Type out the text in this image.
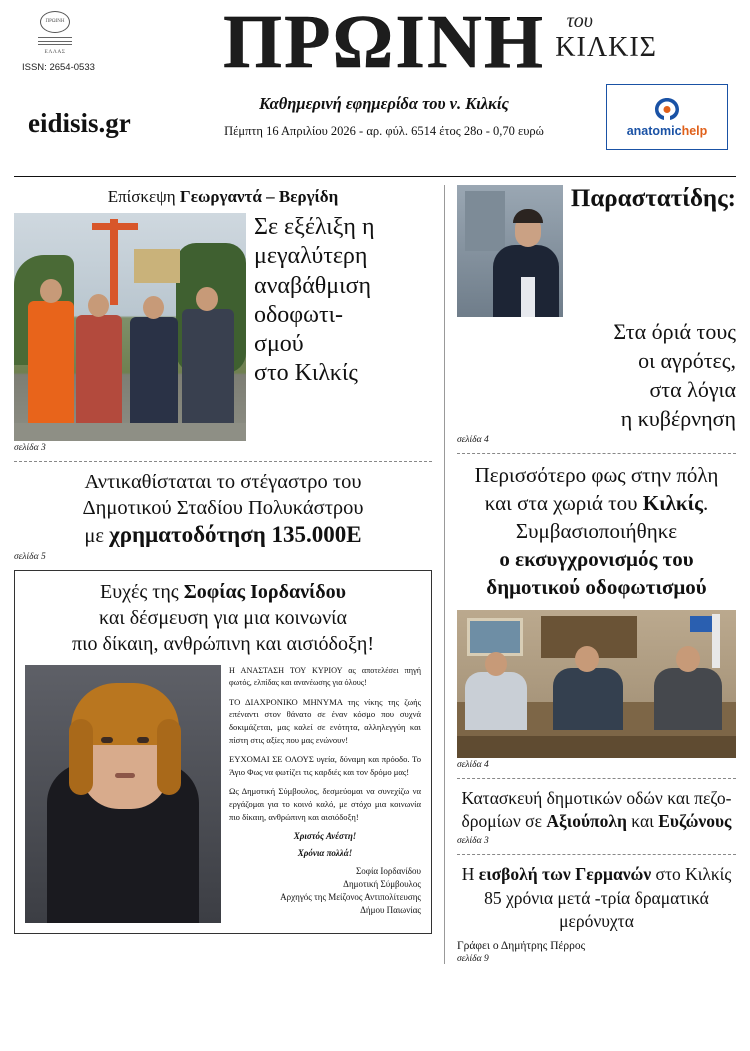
ΠΡΩΙΝΗ
ΕΛΛΑΣ
ISSN: 2654-0533	ΠΡΩΙΝΗ του
ΚΙΛΚΙΣ
Καθημερινή εφημερίδα του ν. Κιλκίς
Πέμπτη 16 Απριλίου 2026 - αρ. φύλ. 6514 έτος 28ο - 0,70 ευρώ
eidisis.gr	anatomichelp
Επίσκεψη Γεωργαντά – Βεργίδη
σελίδα 3
Σε εξέλιξη η
μεγαλύτερη
αναβάθμιση
οδοφωτι-
σμού
στο Κιλκίς
Αντικαθίσταται το στέγαστρο του
Δημοτικού Σταδίου Πολυκάστρου
με χρηματοδότηση 135.000Ε
σελίδα 5
Ευχές της Σοφίας Ιορδανίδου
και δέσμευση για μια κοινωνία
πιο δίκαιη, ανθρώπινη και αισιόδοξη!

Η ΑΝΑΣΤΑΣΗ ΤΟΥ ΚΥΡΙΟΥ ας αποτελέσει πηγή φωτός, ελπίδας και ανανέωσης για όλους!

ΤΟ ΔΙΑΧΡΟΝΙΚΟ ΜΗΝΥΜΑ της νίκης της ζωής επέναντι στον θάνατο σε έναν κόσμο που συχνά δοκιμάζεται, μας καλεί σε ενότητα, αλληλεγγύη και πίστη στις αξίες που μας ενώνουν!

ΕΥΧΟΜΑΙ ΣΕ ΟΛΟΥΣ υγεία, δύναμη και πρόοδο. Το Άγιο Φως να φωτίζει τις καρδιές και τον δρόμο μας!

Ως Δημοτική Σύμβουλος, δεσμεύομαι να συνεχίζω να εργάζομαι για το κοινό καλό, με στόχο μια κοινωνία πιο δίκαιη, ανθρώπινη και αισιόδοξη!

Χριστός Ανέστη!
Χρόνια πολλά!
Σοφία Ιορδανίδου
Δημοτική Σύμβουλος
Αρχηγός της Μείζονος Αντιπολίτευσης
Δήμου Παιωνίας
Παραστατίδης:
Στα όριά τους
οι αγρότες,
στα λόγια
η κυβέρνηση
σελίδα 4
Περισσότερο φως στην πόλη
και στα χωριά του Κιλκίς.
Συμβασιοποιήθηκε
ο εκσυγχρονισμός του
δημοτικού οδοφωτισμού
σελίδα 4
Κατασκευή δημοτικών οδών και πεζο-
δρομίων σε Αξιούπολη και Ευζώνους
σελίδα 3
Η εισβολή των Γερμανών στο Κιλκίς
85 χρόνια μετά -τρία δραματικά μερόνυχτα
Γράφει ο Δημήτρης Πέρρος
σελίδα 9
